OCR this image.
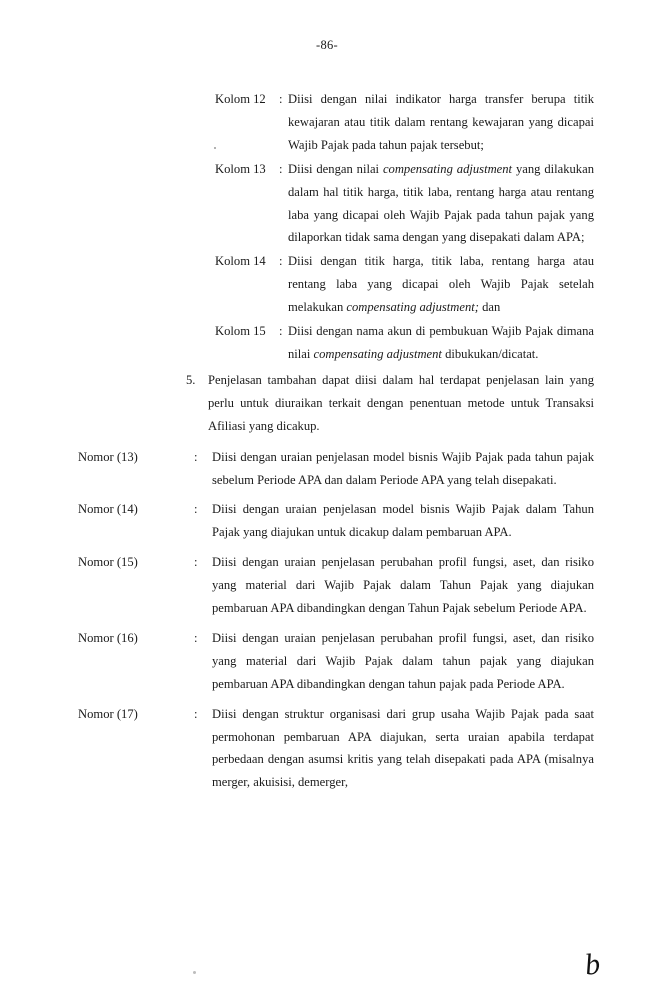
-86-
Kolom 12	: Diisi dengan nilai indikator harga transfer berupa titik kewajaran atau titik dalam rentang kewajaran yang dicapai Wajib Pajak pada tahun pajak tersebut;
Kolom 13	: Diisi dengan nilai compensating adjustment yang dilakukan dalam hal titik harga, titik laba, rentang harga atau rentang laba yang dicapai oleh Wajib Pajak pada tahun pajak yang dilaporkan tidak sama dengan yang disepakati dalam APA;
Kolom 14	: Diisi dengan titik harga, titik laba, rentang harga atau rentang laba yang dicapai oleh Wajib Pajak setelah melakukan compensating adjustment; dan
Kolom 15	: Diisi dengan nama akun di pembukuan Wajib Pajak dimana nilai compensating adjustment dibukukan/dicatat.
5. Penjelasan tambahan dapat diisi dalam hal terdapat penjelasan lain yang perlu untuk diuraikan terkait dengan penentuan metode untuk Transaksi Afiliasi yang dicakup.
Nomor (13)	:	Diisi dengan uraian penjelasan model bisnis Wajib Pajak pada tahun pajak sebelum Periode APA dan dalam Periode APA yang telah disepakati.
Nomor (14)	:	Diisi dengan uraian penjelasan model bisnis Wajib Pajak dalam Tahun Pajak yang diajukan untuk dicakup dalam pembaruan APA.
Nomor (15)	:	Diisi dengan uraian penjelasan perubahan profil fungsi, aset, dan risiko yang material dari Wajib Pajak dalam Tahun Pajak yang diajukan pembaruan APA dibandingkan dengan Tahun Pajak sebelum Periode APA.
Nomor (16)	:	Diisi dengan uraian penjelasan perubahan profil fungsi, aset, dan risiko yang material dari Wajib Pajak dalam tahun pajak yang diajukan pembaruan APA dibandingkan dengan tahun pajak pada Periode APA.
Nomor (17)	:	Diisi dengan struktur organisasi dari grup usaha Wajib Pajak pada saat permohonan pembaruan APA diajukan, serta uraian apabila terdapat perbedaan dengan asumsi kritis yang telah disepakati pada APA (misalnya merger, akuisisi, demerger,
b
